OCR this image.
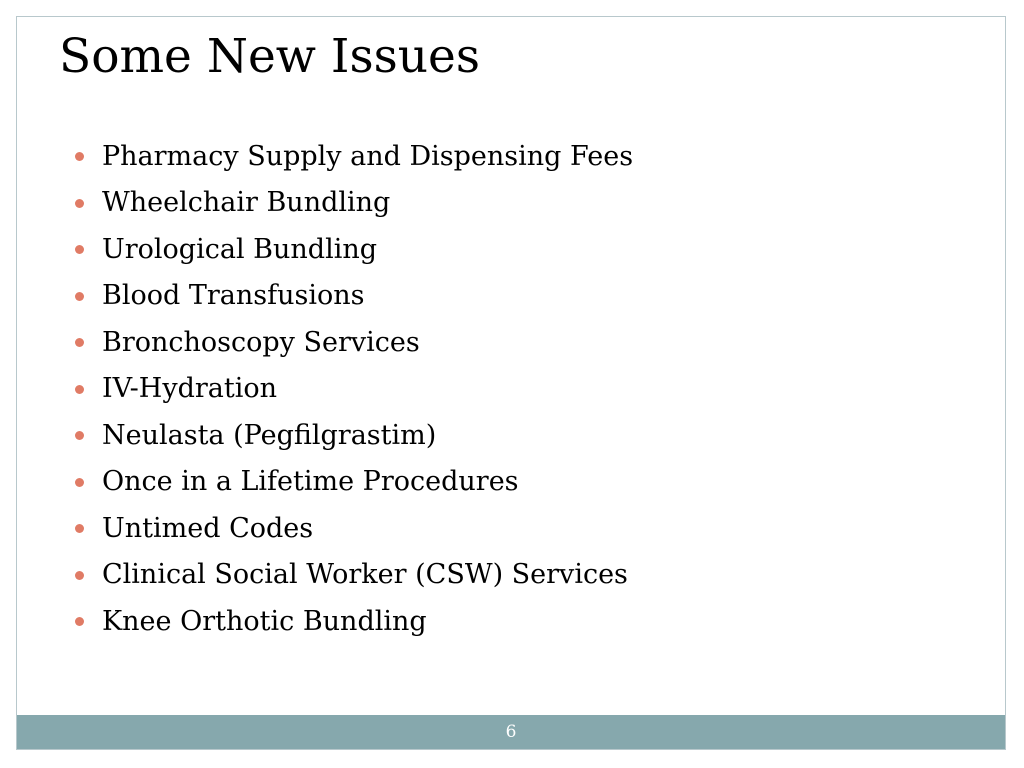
Some New Issues
Pharmacy Supply and Dispensing Fees
Wheelchair Bundling
Urological Bundling
Blood Transfusions
Bronchoscopy Services
IV-Hydration
Neulasta (Pegfilgrastim)
Once in a Lifetime Procedures
Untimed Codes
Clinical Social Worker (CSW) Services
Knee Orthotic Bundling
6
